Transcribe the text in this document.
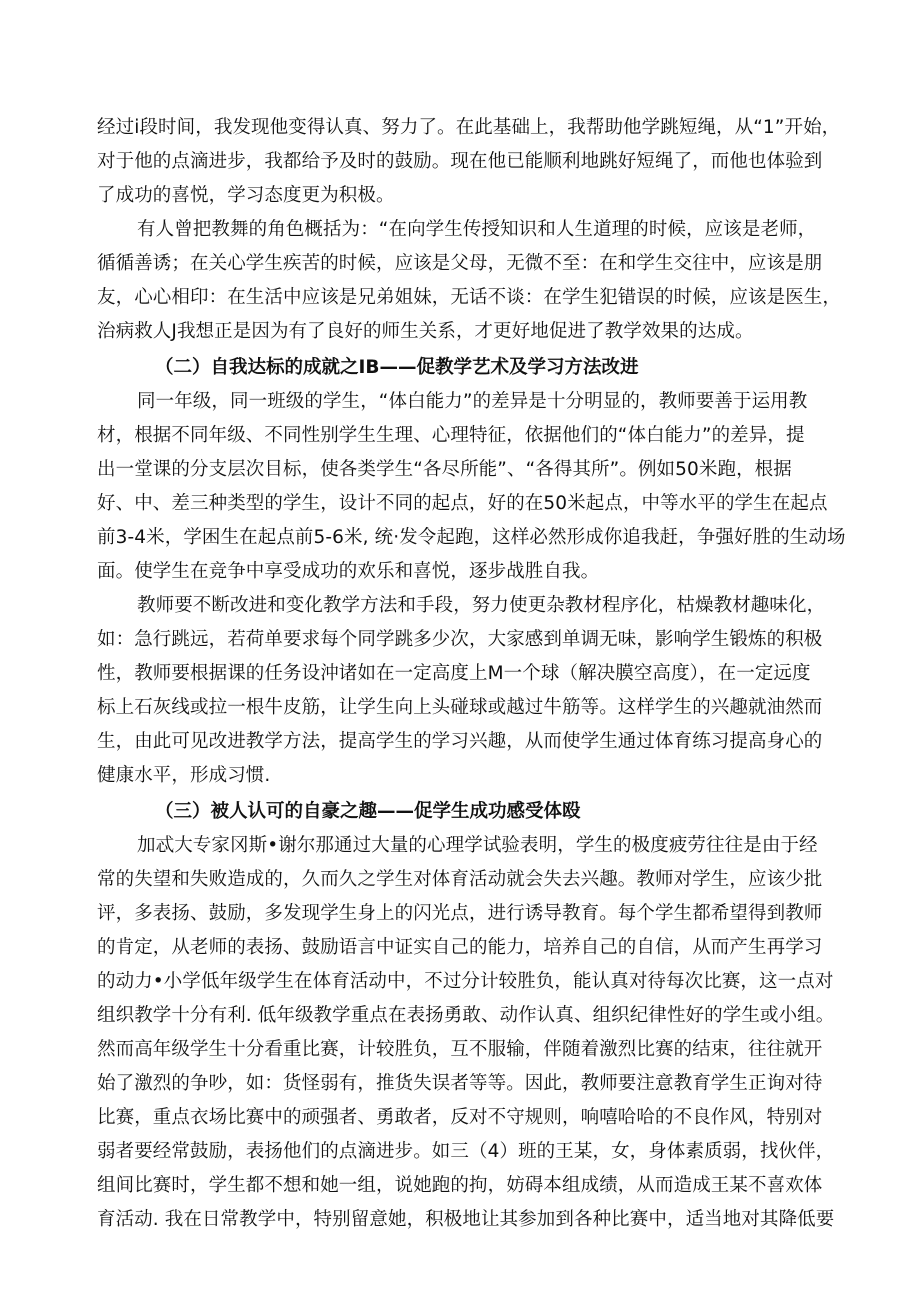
经过i段时间，我发现他变得认真、努力了。在此基础上，我帮助他学跳短绳，从“1”开始，
对于他的点滴进步，我都给予及时的鼓励。现在他已能顺利地跳好短绳了，而他也体验到
了成功的喜悦，学习态度更为积极。
有人曾把教舞的角色概括为：“在向学生传授知识和人生道理的时候，应该是老师，
循循善诱；在关心学生疾苦的时候，应该是父母，无微不至：在和学生交往中，应该是朋
友，心心相印：在生活中应该是兄弟姐妹，无话不谈：在学生犯错误的时候，应该是医生，
治病救人J我想正是因为有了良好的师生关系，才更好地促进了教学效果的达成。
（二）自我达标的成就之IB——促教学艺术及学习方法改进
同一年级，同一班级的学生，“体白能力”的差异是十分明显的，教师要善于运用教
材，根据不同年级、不同性别学生生理、心理特征，依据他们的“体白能力”的差异，提
出一堂课的分支层次目标，使各类学生“各尽所能”、“各得其所”。例如50米跑，根据
好、中、差三种类型的学生，设计不同的起点，好的在50米起点，中等水平的学生在起点
前3-4米，学困生在起点前5-6米, 统·发令起跑，这样必然形成你追我赶，争强好胜的生动场
面。使学生在竞争中享受成功的欢乐和喜悦，逐步战胜自我。
教师要不断改进和变化教学方法和手段，努力使更杂教材程序化，枯燥教材趣味化，
如：急行跳远，若荷单要求每个同学跳多少次，大家感到单调无味，影响学生锻炼的积极
性，教师要根据课的任务设沖诸如在一定高度上M一个球（解决膜空高度），在一定远度
标上石灰线或拉一根牛皮筋，让学生向上头碰球或越过牛筋等。这样学生的兴趣就油然而
生，由此可见改进教学方法，提高学生的学习兴趣，从而使学生通过体育练习提高身心的
健康水平，形成习惯.
（三）被人认可的自豪之趣——促学生成功感受体殴
加忒大专家冈斯•谢尔那通过大量的心理学试验表明，学生的极度疲劳往往是由于经
常的失望和失败造成的，久而久之学生对体育活动就会失去兴趣。教师对学生，应该少批
评，多表扬、鼓励，多发现学生身上的闪光点，进行诱导教育。每个学生都希望得到教师
的肯定，从老师的表扬、鼓励语言中证实自己的能力，培养自己的自信，从而产生再学习
的动力•小学低年级学生在体育活动中，不过分计较胜负，能认真对待每次比赛，这一点对
组织教学十分有利. 低年级教学重点在表扬勇敢、动作认真、组织纪律性好的学生或小组。
然而高年级学生十分看重比赛，计较胜负，互不服输，伴随着激烈比赛的结束，往往就开
始了激烈的争吵，如：货怪弱有，推货失误者等等。因此，教师要注意教育学生正询对待
比赛，重点衣场比赛中的顽强者、勇敢者，反对不守规则，响嘻哈哈的不良作风，特别对
弱者要经常鼓励，表扬他们的点滴进步。如三（4）班的王某，女，身体素质弱，找伙伴，
组间比赛时，学生都不想和她一组，说她跑的拘，妨碍本组成绩，从而造成王某不喜欢体
育活动. 我在日常教学中，特别留意她，积极地让其参加到各种比赛中，适当地对其降低要
